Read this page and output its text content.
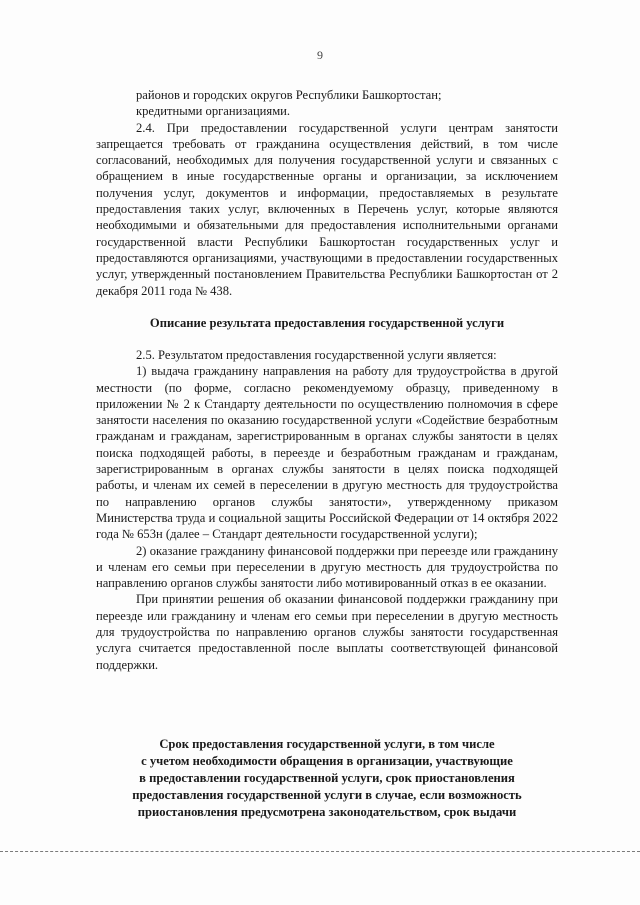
9

районов и городских округов Республики Башкортостан;

кредитными организациями.

2.4. При предоставлении государственной услуги центрам занятости запрещается требовать от гражданина осуществления действий, в том числе согласований, необходимых для получения государственной услуги и связанных с обращением в иные государственные органы и организации, за исключением получения услуг, документов и информации, предоставляемых в результате предоставления таких услуг, включенных в Перечень услуг, которые являются необходимыми и обязательными для предоставления исполнительными органами государственной власти Республики Башкортостан государственных услуг и предоставляются организациями, участвующими в предоставлении государственных услуг, утвержденный постановлением Правительства Республики Башкортостан от 2 декабря 2011 года № 438.

Описание результата предоставления государственной услуги

2.5. Результатом предоставления государственной услуги является:

1) выдача гражданину направления на работу для трудоустройства в другой местности (по форме, согласно рекомендуемому образцу, приведенному в приложении № 2 к Стандарту деятельности по осуществлению полномочия в сфере занятости населения по оказанию государственной услуги «Содействие безработным гражданам и гражданам, зарегистрированным в органах службы занятости в целях поиска подходящей работы, в переезде и безработным гражданам и гражданам, зарегистрированным в органах службы занятости в целях поиска подходящей работы, и членам их семей в переселении в другую местность для трудоустройства по направлению органов службы занятости», утвержденному приказом Министерства труда и социальной защиты Российской Федерации от 14 октября 2022 года № 653н (далее – Стандарт деятельности государственной услуги);

2) оказание гражданину финансовой поддержки при переезде или гражданину и членам его семьи при переселении в другую местность для трудоустройства по направлению органов службы занятости либо мотивированный отказ в ее оказании.

При принятии решения об оказании финансовой поддержки гражданину при переезде или гражданину и членам его семьи при переселении в другую местность для трудоустройства по направлению органов службы занятости государственная услуга считается предоставленной после выплаты соответствующей финансовой поддержки.

Срок предоставления государственной услуги, в том числе

с учетом необходимости обращения в организации, участвующие

в предоставлении государственной услуги, срок приостановления

предоставления государственной услуги в случае, если возможность

приостановления предусмотрена законодательством, срок выдачи
